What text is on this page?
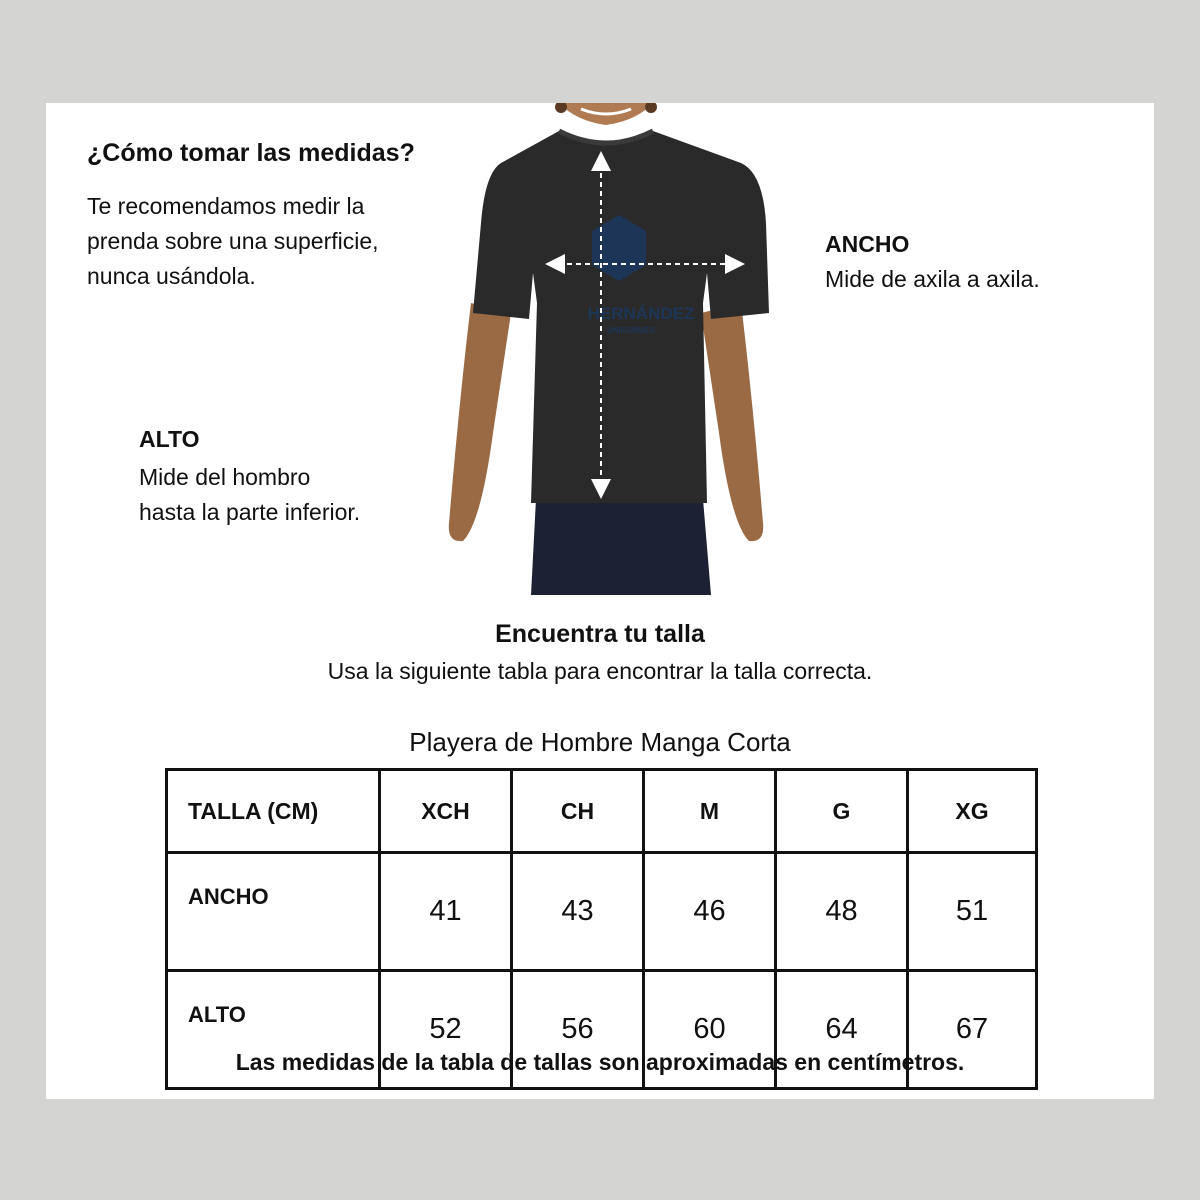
¿Cómo tomar las medidas?
Te recomendamos medir la
prenda sobre una superficie,
nunca usándola.
HERNÁNDEZ
UNIFORMES
ANCHO

Mide de axila a axila.

ALTO
Mide del hombro
hasta la parte inferior.
Encuentra tu talla

Usa la siguiente tabla para encontrar la talla correcta.

Playera de Hombre Manga Corta

TALLA (CM)	XCH	CH	M	G	XG
ANCHO	41	43	46	48	51
ALTO	52	56	60	64	67

Las medidas de la tabla de tallas son aproximadas en centímetros.
